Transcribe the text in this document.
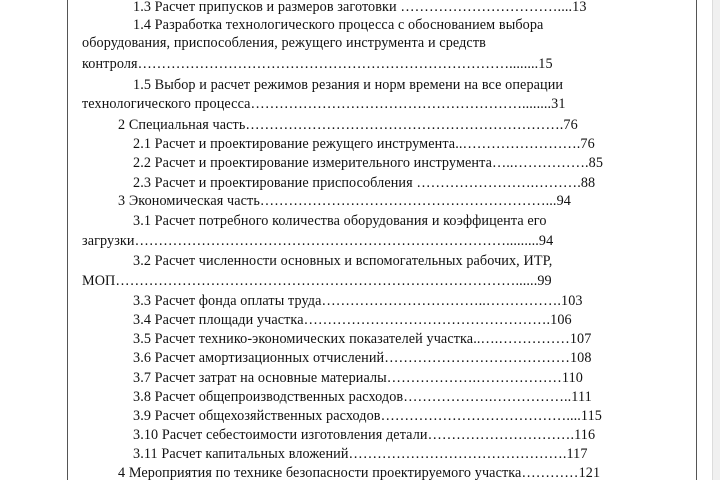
1.3 Расчет припусков и размеров заготовки ……………………………....13
1.4 Разработка технологического процесса с обоснованием выбора
оборудования, приспособления, режущего инструмента и средств
контроля……………………………………………………………………........15
1.5 Выбор и расчет режимов резания и норм времени на все операции
технологического процесса…………………………………………………........31
2 Специальная часть………………………………………………………….76
2.1 Расчет и проектирование режущего инструмента..…………………….76
2.2 Расчет и проектирование измерительного инструмента…..…………….85
2.3 Расчет и проектирование приспособления …………………….……….88
3 Экономическая часть……………………………………………………...94
3.1 Расчет потребного количества оборудования и коэффицента его
загрузки…………………………………………………………………….........94
3.2 Расчет численности основных и вспомогательных рабочих, ИТР,
МОП…………………………………………………………………………......99
3.3 Расчет фонда оплаты труда……………………………..…………….103
3.4 Расчет площади участка…………………………………………….106
3.5 Расчет технико-экономических показателей участка..….……………107
3.6 Расчет амортизационных отчислений…………………………………108
3.7 Расчет затрат на основные материалы……………….………………110
3.8 Расчет общепроизводственных расходов……………….……………..111
3.9 Расчет общехозяйственных расходов…………………………………....115
3.10 Расчет себестоимости изготовления детали………………………….116
3.11 Расчет капитальных вложений……………………………………….117
4 Мероприятия по технике безопасности проектируемого участка…………121
